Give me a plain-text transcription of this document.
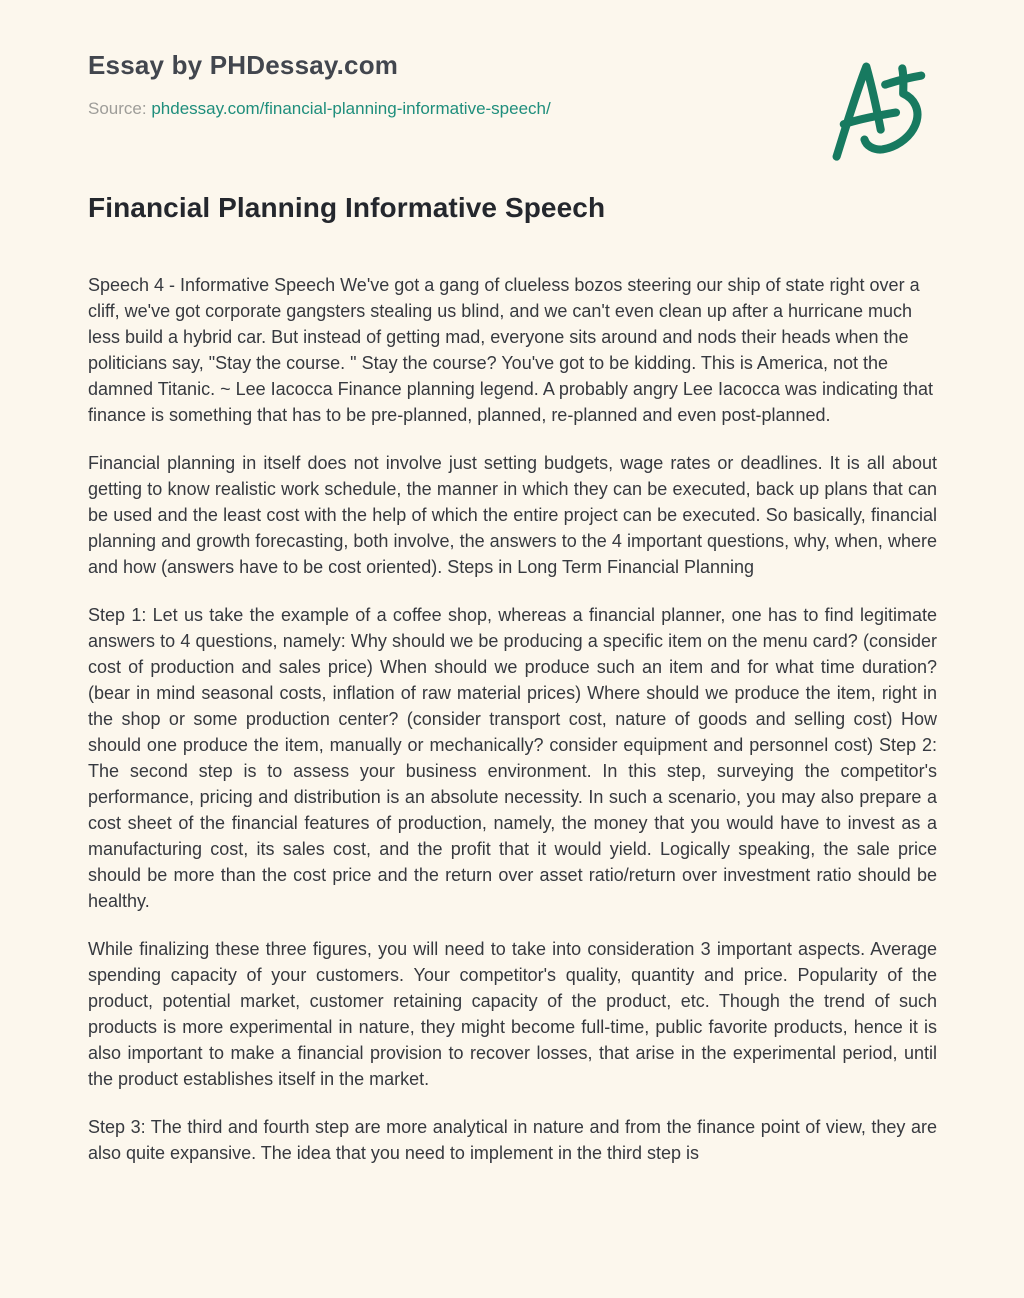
Essay by PHDessay.com

Source: phdessay.com/financial-planning-informative-speech/

Financial Planning Informative Speech

Speech 4 - Informative Speech We've got a gang of clueless bozos steering our ship of state right over a cliff, we've got corporate gangsters stealing us blind, and we can't even clean up after a hurricane much less build a hybrid car. But instead of getting mad, everyone sits around and nods their heads when the politicians say, "Stay the course. " Stay the course? You've got to be kidding. This is America, not the damned Titanic. ~ Lee Iacocca Finance planning legend. A probably angry Lee Iacocca was indicating that finance is something that has to be pre-planned, planned, re-planned and even post-planned.

Financial planning in itself does not involve just setting budgets, wage rates or deadlines. It is all about getting to know realistic work schedule, the manner in which they can be executed, back up plans that can be used and the least cost with the help of which the entire project can be executed. So basically, financial planning and growth forecasting, both involve, the answers to the 4 important questions, why, when, where and how (answers have to be cost oriented). Steps in Long Term Financial Planning

Step 1: Let us take the example of a coffee shop, whereas a financial planner, one has to find legitimate answers to 4 questions, namely: Why should we be producing a specific item on the menu card? (consider cost of production and sales price) When should we produce such an item and for what time duration? (bear in mind seasonal costs, inflation of raw material prices) Where should we produce the item, right in the shop or some production center? (consider transport cost, nature of goods and selling cost) How should one produce the item, manually or mechanically? consider equipment and personnel cost) Step 2: The second step is to assess your business environment. In this step, surveying the competitor's performance, pricing and distribution is an absolute necessity. In such a scenario, you may also prepare a cost sheet of the financial features of production, namely, the money that you would have to invest as a manufacturing cost, its sales cost, and the profit that it would yield. Logically speaking, the sale price should be more than the cost price and the return over asset ratio/return over investment ratio should be healthy.

While finalizing these three figures, you will need to take into consideration 3 important aspects. Average spending capacity of your customers. Your competitor's quality, quantity and price. Popularity of the product, potential market, customer retaining capacity of the product, etc. Though the trend of such products is more experimental in nature, they might become full-time, public favorite products, hence it is also important to make a financial provision to recover losses, that arise in the experimental period, until the product establishes itself in the market.

Step 3: The third and fourth step are more analytical in nature and from the finance point of view, they are also quite expansive. The idea that you need to implement in the third step is
